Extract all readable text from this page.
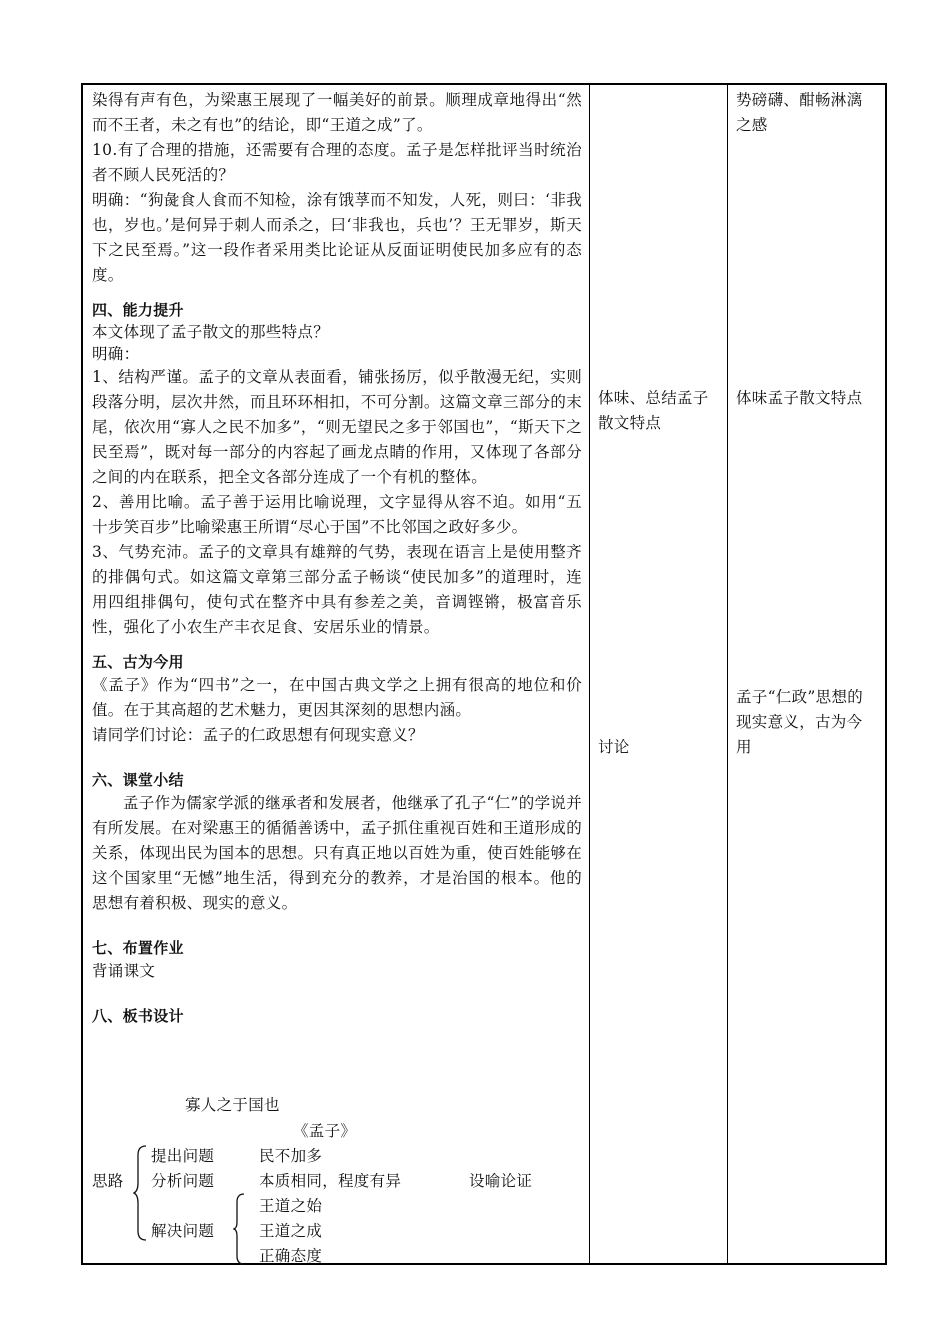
染得有声有色，为梁惠王展现了一幅美好的前景。顺理成章地得出“然而不王者，未之有也”的结论，即“王道之成”了。

10.有了合理的措施，还需要有合理的态度。孟子是怎样批评当时统治者不顾人民死活的？

明确：“狗彘食人食而不知检，涂有饿莩而不知发，人死，则曰：‘非我也，岁也。’是何异于刺人而杀之，曰‘非我也，兵也’？王无罪岁，斯天下之民至焉。”这一段作者采用类比论证从反面证明使民加多应有的态度。

四、能力提升

本文体现了孟子散文的那些特点？

明确：

1、结构严谨。孟子的文章从表面看，铺张扬厉，似乎散漫无纪，实则段落分明，层次井然，而且环环相扣，不可分割。这篇文章三部分的末尾，依次用“寡人之民不加多”，“则无望民之多于邻国也”，“斯天下之民至焉”，既对每一部分的内容起了画龙点睛的作用，又体现了各部分之间的内在联系，把全文各部分连成了一个有机的整体。

2、善用比喻。孟子善于运用比喻说理，文字显得从容不迫。如用“五十步笑百步”比喻梁惠王所谓“尽心于国”不比邻国之政好多少。

3、气势充沛。孟子的文章具有雄辩的气势，表现在语言上是使用整齐的排偶句式。如这篇文章第三部分孟子畅谈“使民加多”的道理时，连用四组排偶句，使句式在整齐中具有参差之美，音调铿锵，极富音乐性，强化了小农生产丰衣足食、安居乐业的情景。

五、古为今用

《孟子》作为“四书”之一，在中国古典文学之上拥有很高的地位和价值。在于其高超的艺术魅力，更因其深刻的思想内涵。

请同学们讨论：孟子的仁政思想有何现实意义？

六、课堂小结

孟子作为儒家学派的继承者和发展者，他继承了孔子“仁”的学说并有所发展。在对梁惠王的循循善诱中，孟子抓住重视百姓和王道形成的关系，体现出民为国本的思想。只有真正地以百姓为重，使百姓能够在这个国家里“无憾”地生活，得到充分的教养，才是治国的根本。他的思想有着积极、现实的意义。

七、布置作业

背诵课文

八、板书设计

寡人之于国也
《孟子》
思路
提出问题
分析问题
解决问题
民不加多
本质相同，程度有异	设喻论证
王道之始
王道之成
正确态度
体味、总结孟子散文特点
讨论
势磅礴、酣畅淋漓之感
体味孟子散文特点
孟子“仁政”思想的现实意义，古为今用
